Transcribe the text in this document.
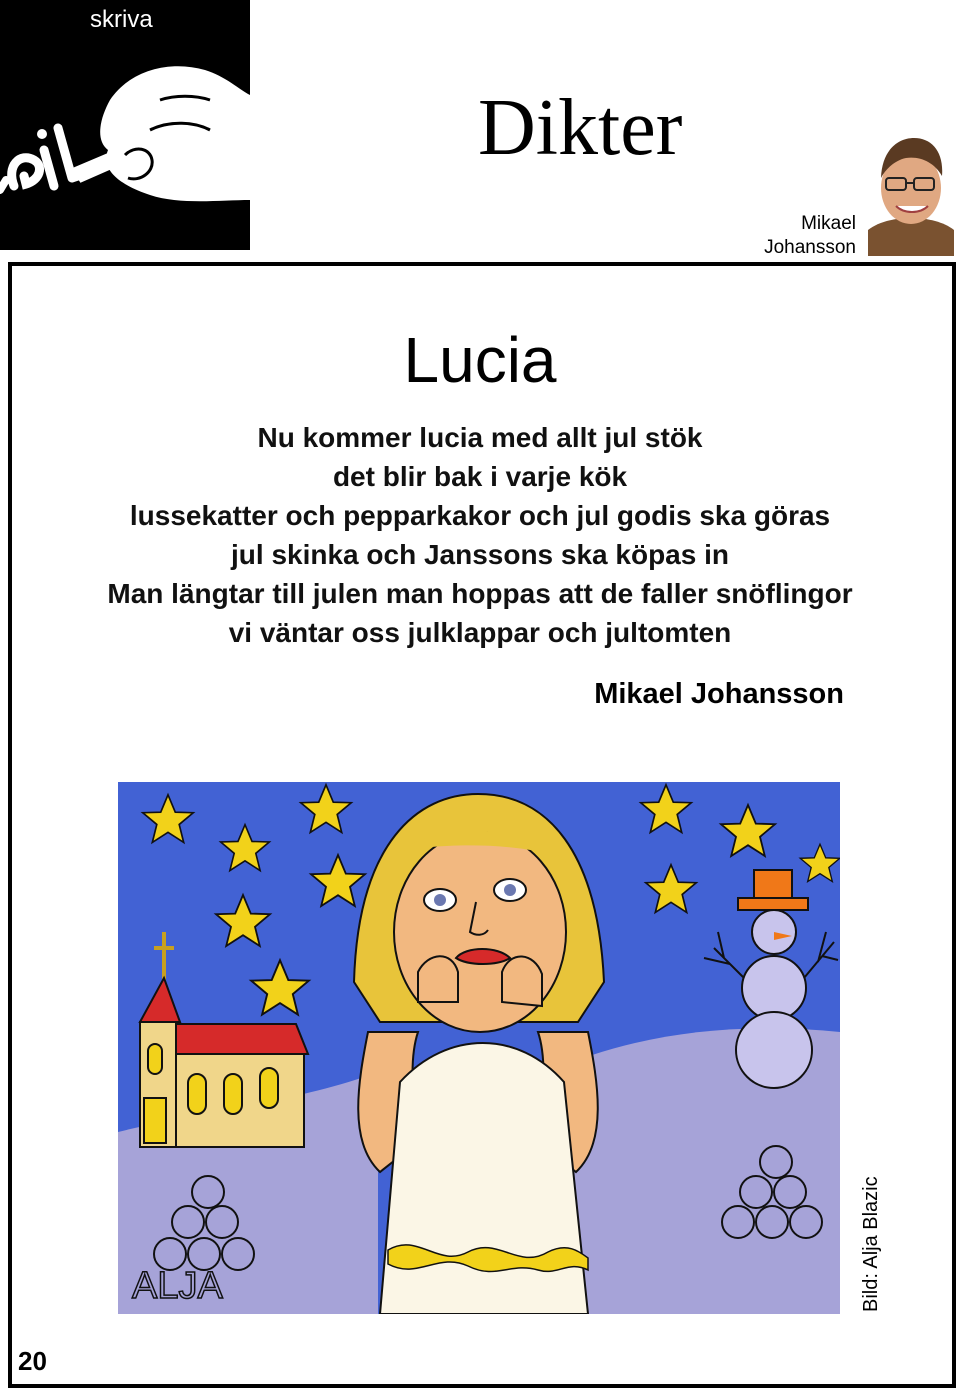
skriva
Dikter
Mikael
Johansson
Lucia
Nu kommer lucia med allt jul stök
det blir bak i varje kök
lussekatter och pepparkakor och jul godis ska göras
jul skinka och Janssons ska köpas in
Man längtar till julen man hoppas att de faller snöflingor
vi väntar oss julklappar och jultomten
Mikael Johansson
ALJA	Bild: Alja Blazic
20
